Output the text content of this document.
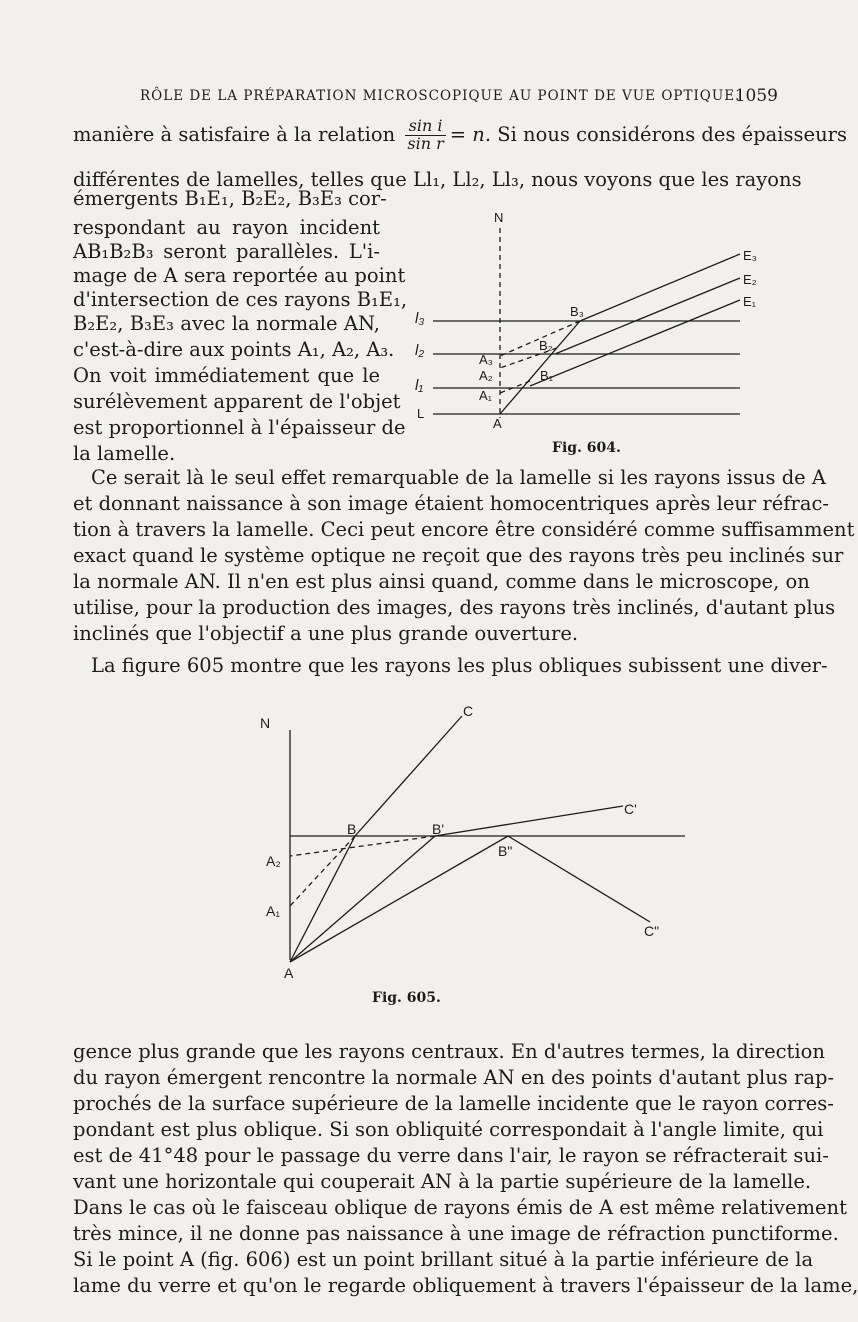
RÔLE DE LA PRÉPARATION MICROSCOPIQUE AU POINT DE VUE OPTIQUE.
1059
manière à satisfaire à la relation $\frac{\text{sin i}}{\text{sin r}} = n$. Si nous considérons des épaisseurs
différentes de lamelles, telles que Ll₁, Ll₂, Ll₃, nous voyons que les rayons
émergents B₁E₁, B₂E₂, B₃E₃ cor-
respondant au rayon incident
AB₁B₂B₃ seront parallèles. L'i-
mage de A sera reportée au point
d'intersection de ces rayons B₁E₁,
B₂E₂, B₃E₃ avec la normale AN,
c'est-à-dire aux points A₁, A₂, A₃.
On voit immédiatement que le
surélèvement apparent de l'objet
est proportionnel à l'épaisseur de
la lamelle.
N
E₃
E₂
E₁
B₃
B₂
B₁
A₃
A₂
A₁
A
l₃
l₂
l₁
L
Fig. 604.
Ce serait là le seul effet remarquable de la lamelle si les rayons issus de A
et donnant naissance à son image étaient homocentriques après leur réfrac-
tion à travers la lamelle. Ceci peut encore être considéré comme suffisamment
exact quand le système optique ne reçoit que des rayons très peu inclinés sur
la normale AN. Il n'en est plus ainsi quand, comme dans le microscope, on
utilise, pour la production des images, des rayons très inclinés, d'autant plus
inclinés que l'objectif a une plus grande ouverture.
La figure 605 montre que les rayons les plus obliques subissent une diver-
N
C
C'
C"
B	B'
B"
A₂
A₁
A
Fig. 605.
gence plus grande que les rayons centraux. En d'autres termes, la direction
du rayon émergent rencontre la normale AN en des points d'autant plus rap-
prochés de la surface supérieure de la lamelle incidente que le rayon corres-
pondant est plus oblique. Si son obliquité correspondait à l'angle limite, qui
est de 41°48 pour le passage du verre dans l'air, le rayon se réfracterait sui-
vant une horizontale qui couperait AN à la partie supérieure de la lamelle.
Dans le cas où le faisceau oblique de rayons émis de A est même relativement
très mince, il ne donne pas naissance à une image de réfraction punctiforme.
Si le point A (fig. 606) est un point brillant situé à la partie inférieure de la
lame du verre et qu'on le regarde obliquement à travers l'épaisseur de la lame,
